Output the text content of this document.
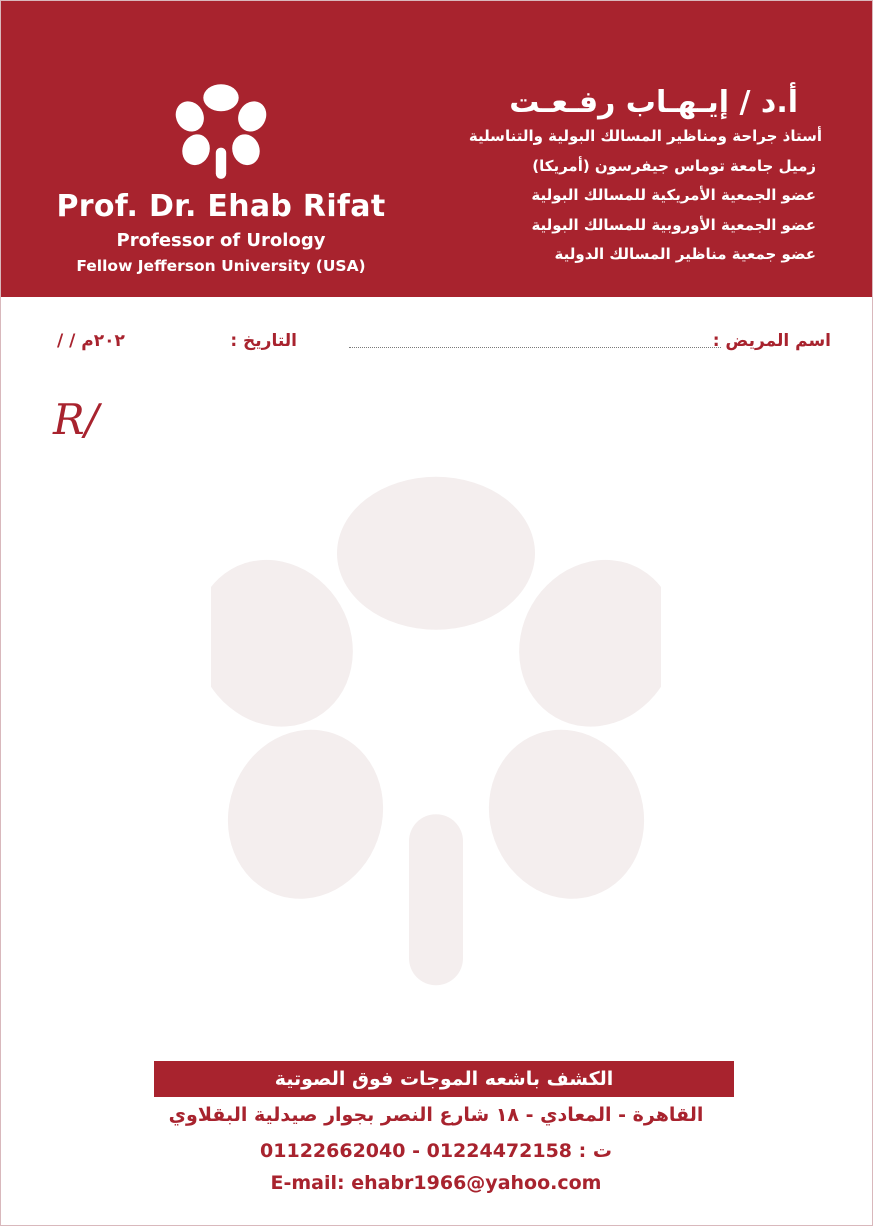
Prof. Dr. Ehab Rifat
Professor of Urology
Fellow Jefferson University (USA)
أ.د / إيـهـاب رفـعـت
أستاذ جراحة ومناظير المسالك البولية والتناسلية
زميل جامعة توماس جيفرسون (أمريكا)
عضو الجمعية الأمريكية للمسالك البولية
عضو الجمعية الأوروبية للمسالك البولية
عضو جمعية مناظير المسالك الدولية
اسم المريض :
التاريخ :
/ / ٢٠٢م
R/
الكشف باشعه الموجات فوق الصوتية
القاهرة - المعادي - ١٨ شارع النصر بجوار صيدلية البقلاوي
ت : 01224472158 - 01122662040
E-mail: ehabr1966@yahoo.com
